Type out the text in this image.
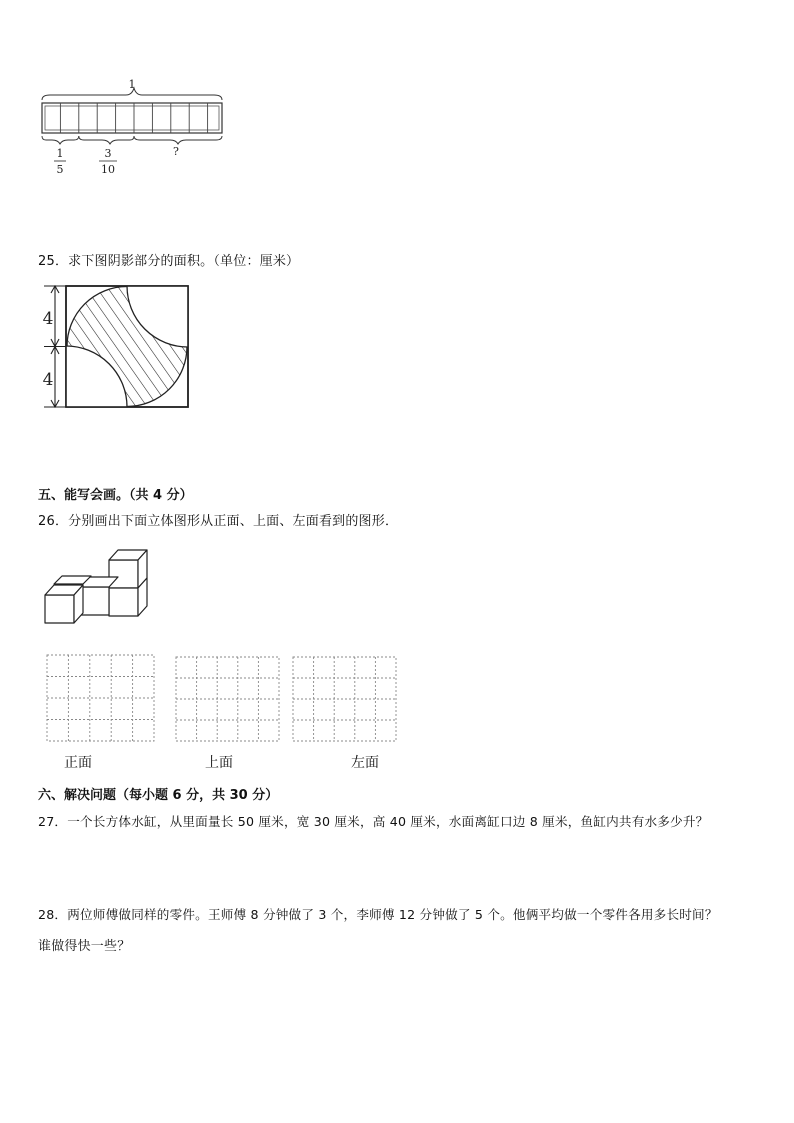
1
1
5
3
10
?
25．求下图阴影部分的面积。（单位：厘米）
4
4
五、能写会画。（共 4 分）
26．分别画出下面立体图形从正面、上面、左面看到的图形．
正面	上面	左面
六、解决问题（每小题 6 分，共 30 分）
27．一个长方体水缸，从里面量长 50 厘米，宽 30 厘米，高 40 厘米，水面离缸口边 8 厘米，鱼缸内共有水多少升？
28．两位师傅做同样的零件。王师傅 8 分钟做了 3 个，李师傅 12 分钟做了 5 个。他俩平均做一个零件各用多长时间？
谁做得快一些？
